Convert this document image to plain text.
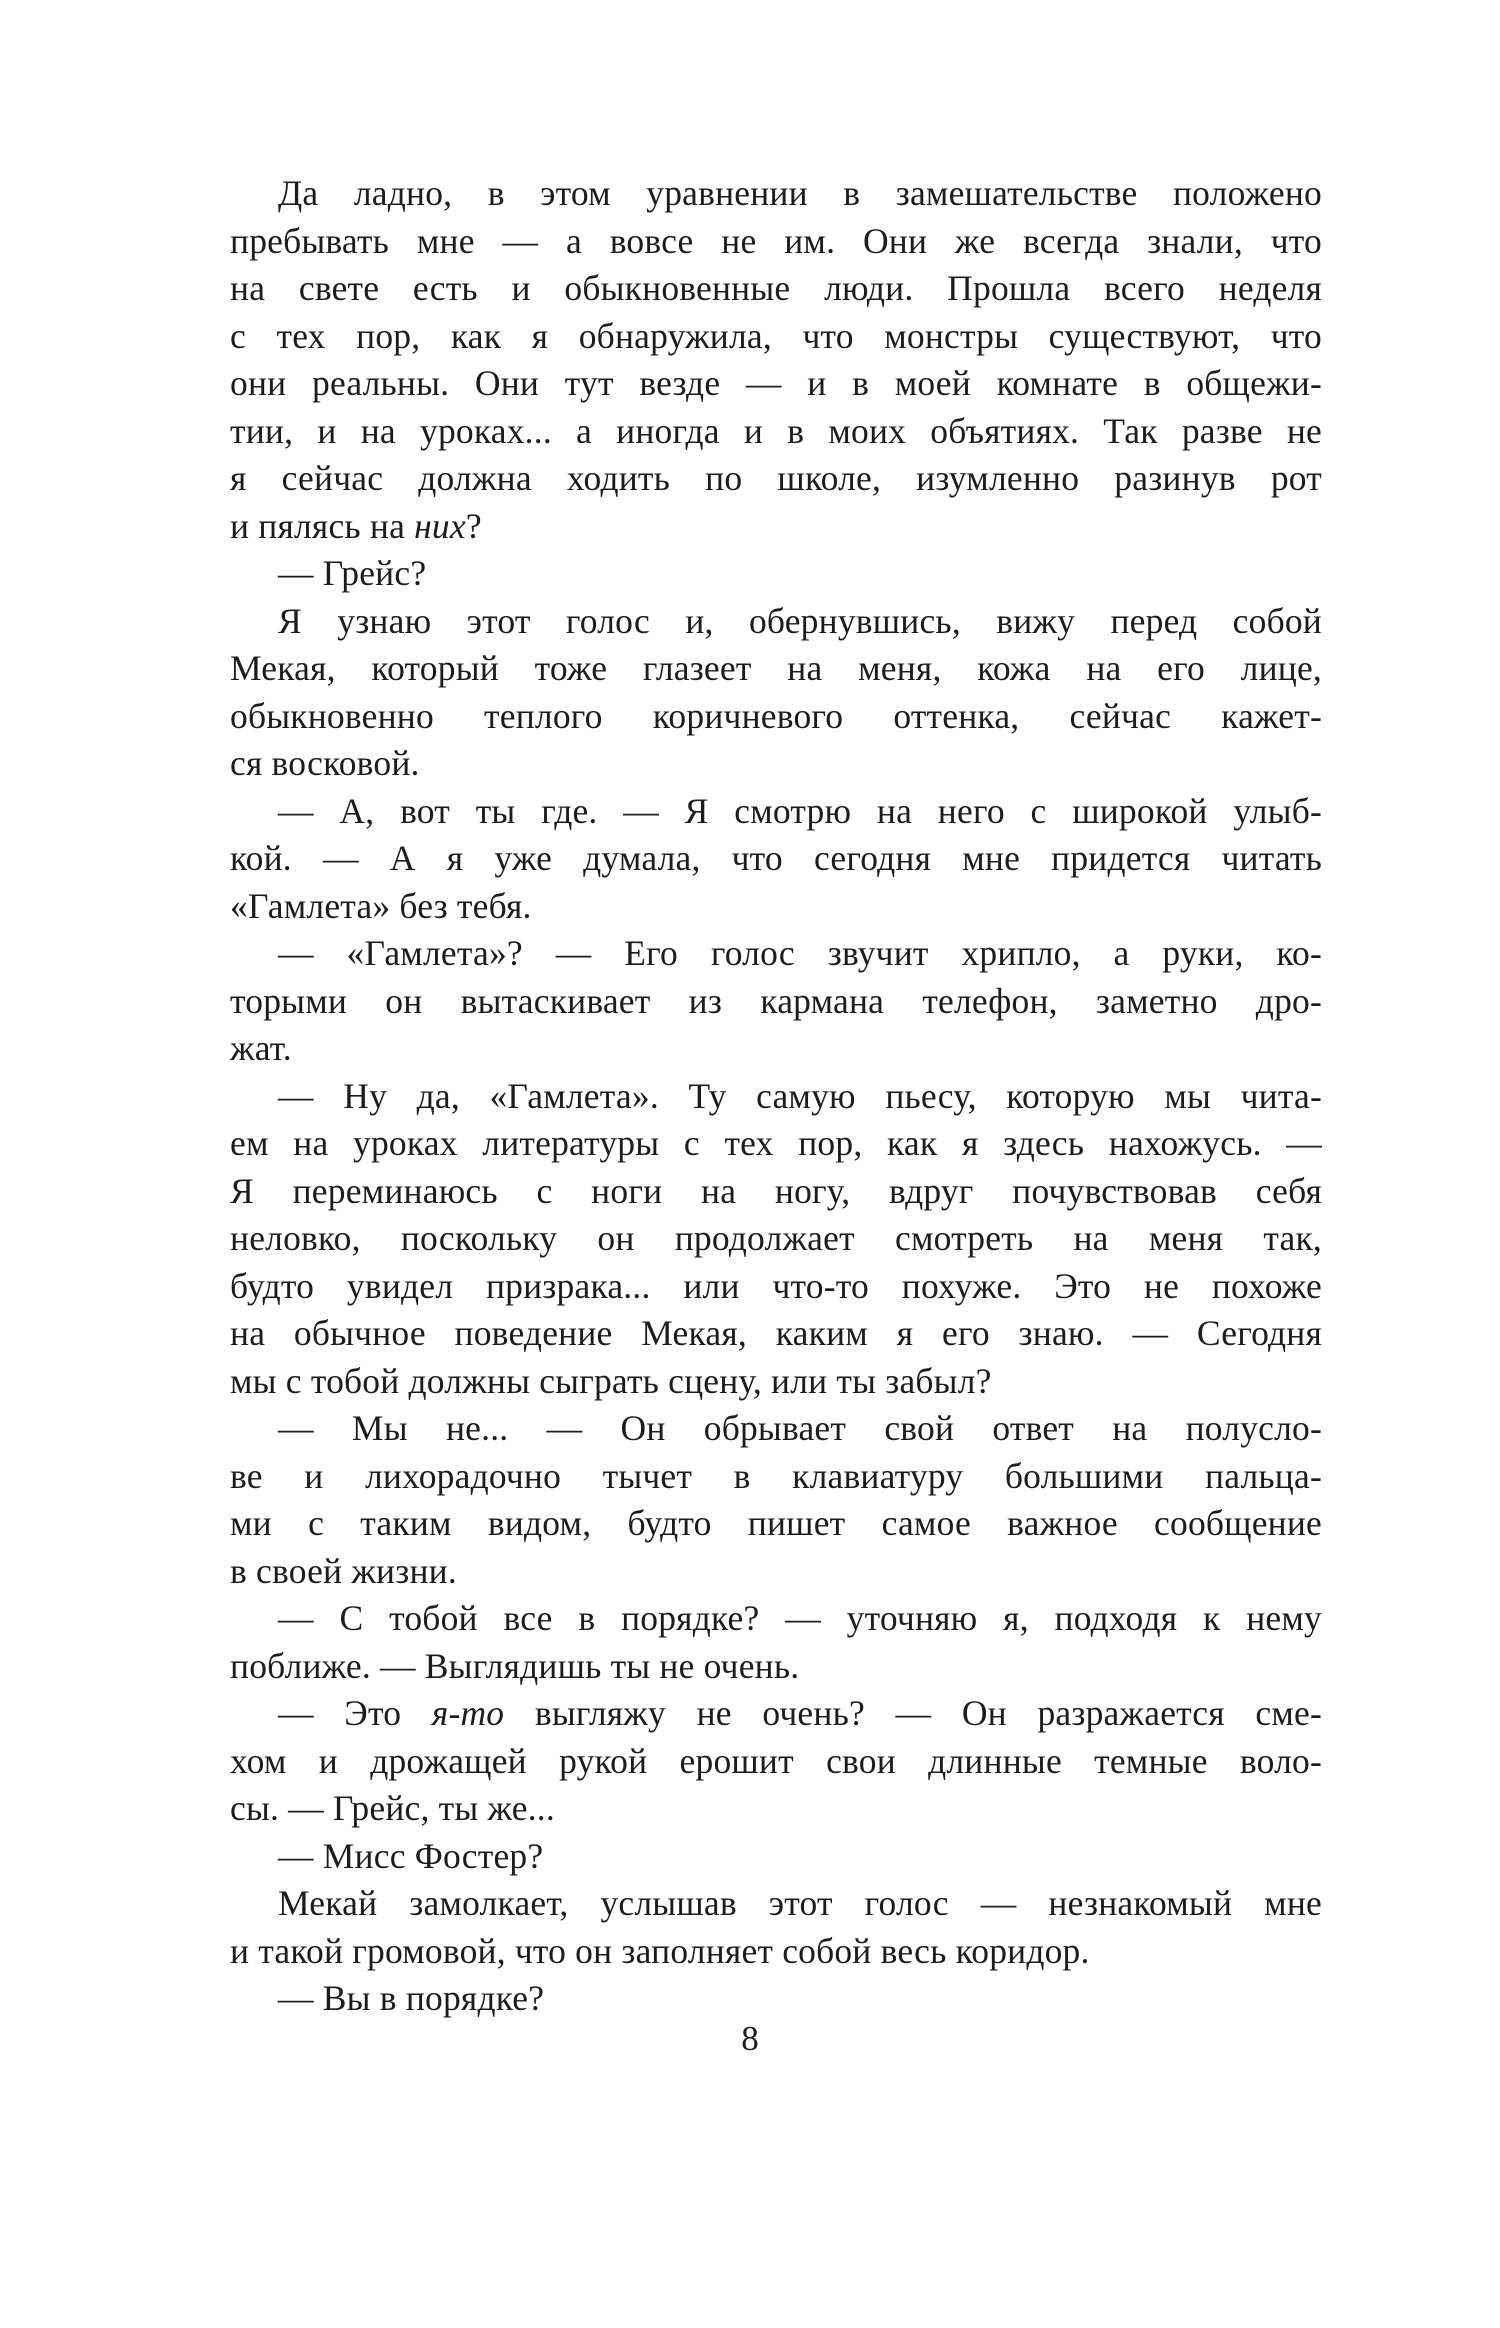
Да ладно, в этом уравнении в замешательстве положено
пребывать мне — а вовсе не им. Они же всегда знали, что
на свете есть и обыкновенные люди. Прошла всего неделя
с тех пор, как я обнаружила, что монстры существуют, что
они реальны. Они тут везде — и в моей комнате в общежи-
тии, и на уроках... а иногда и в моих объятиях. Так разве не
я сейчас должна ходить по школе, изумленно разинув рот
и пялясь на них?
— Грейс?
Я узнаю этот голос и, обернувшись, вижу перед собой
Мекая, который тоже глазеет на меня, кожа на его лице,
обыкновенно теплого коричневого оттенка, сейчас кажет-
ся восковой.
— А, вот ты где. — Я смотрю на него с широкой улыб-
кой. — А я уже думала, что сегодня мне придется читать
«Гамлета» без тебя.
— «Гамлета»? — Его голос звучит хрипло, а руки, ко-
торыми он вытаскивает из кармана телефон, заметно дро-
жат.
— Ну да, «Гамлета». Ту самую пьесу, которую мы чита-
ем на уроках литературы с тех пор, как я здесь нахожусь. —
Я переминаюсь с ноги на ногу, вдруг почувствовав себя
неловко, поскольку он продолжает смотреть на меня так,
будто увидел призрака... или что-то похуже. Это не похоже
на обычное поведение Мекая, каким я его знаю. — Сегодня
мы с тобой должны сыграть сцену, или ты забыл?
— Мы не... — Он обрывает свой ответ на полусло-
ве и лихорадочно тычет в клавиатуру большими пальца-
ми с таким видом, будто пишет самое важное сообщение
в своей жизни.
— С тобой все в порядке? — уточняю я, подходя к нему
поближе. — Выглядишь ты не очень.
— Это я-то выгляжу не очень? — Он разражается сме-
хом и дрожащей рукой ерошит свои длинные темные воло-
сы. — Грейс, ты же...
— Мисс Фостер?
Мекай замолкает, услышав этот голос — незнакомый мне
и такой громовой, что он заполняет собой весь коридор.
— Вы в порядке?
8
